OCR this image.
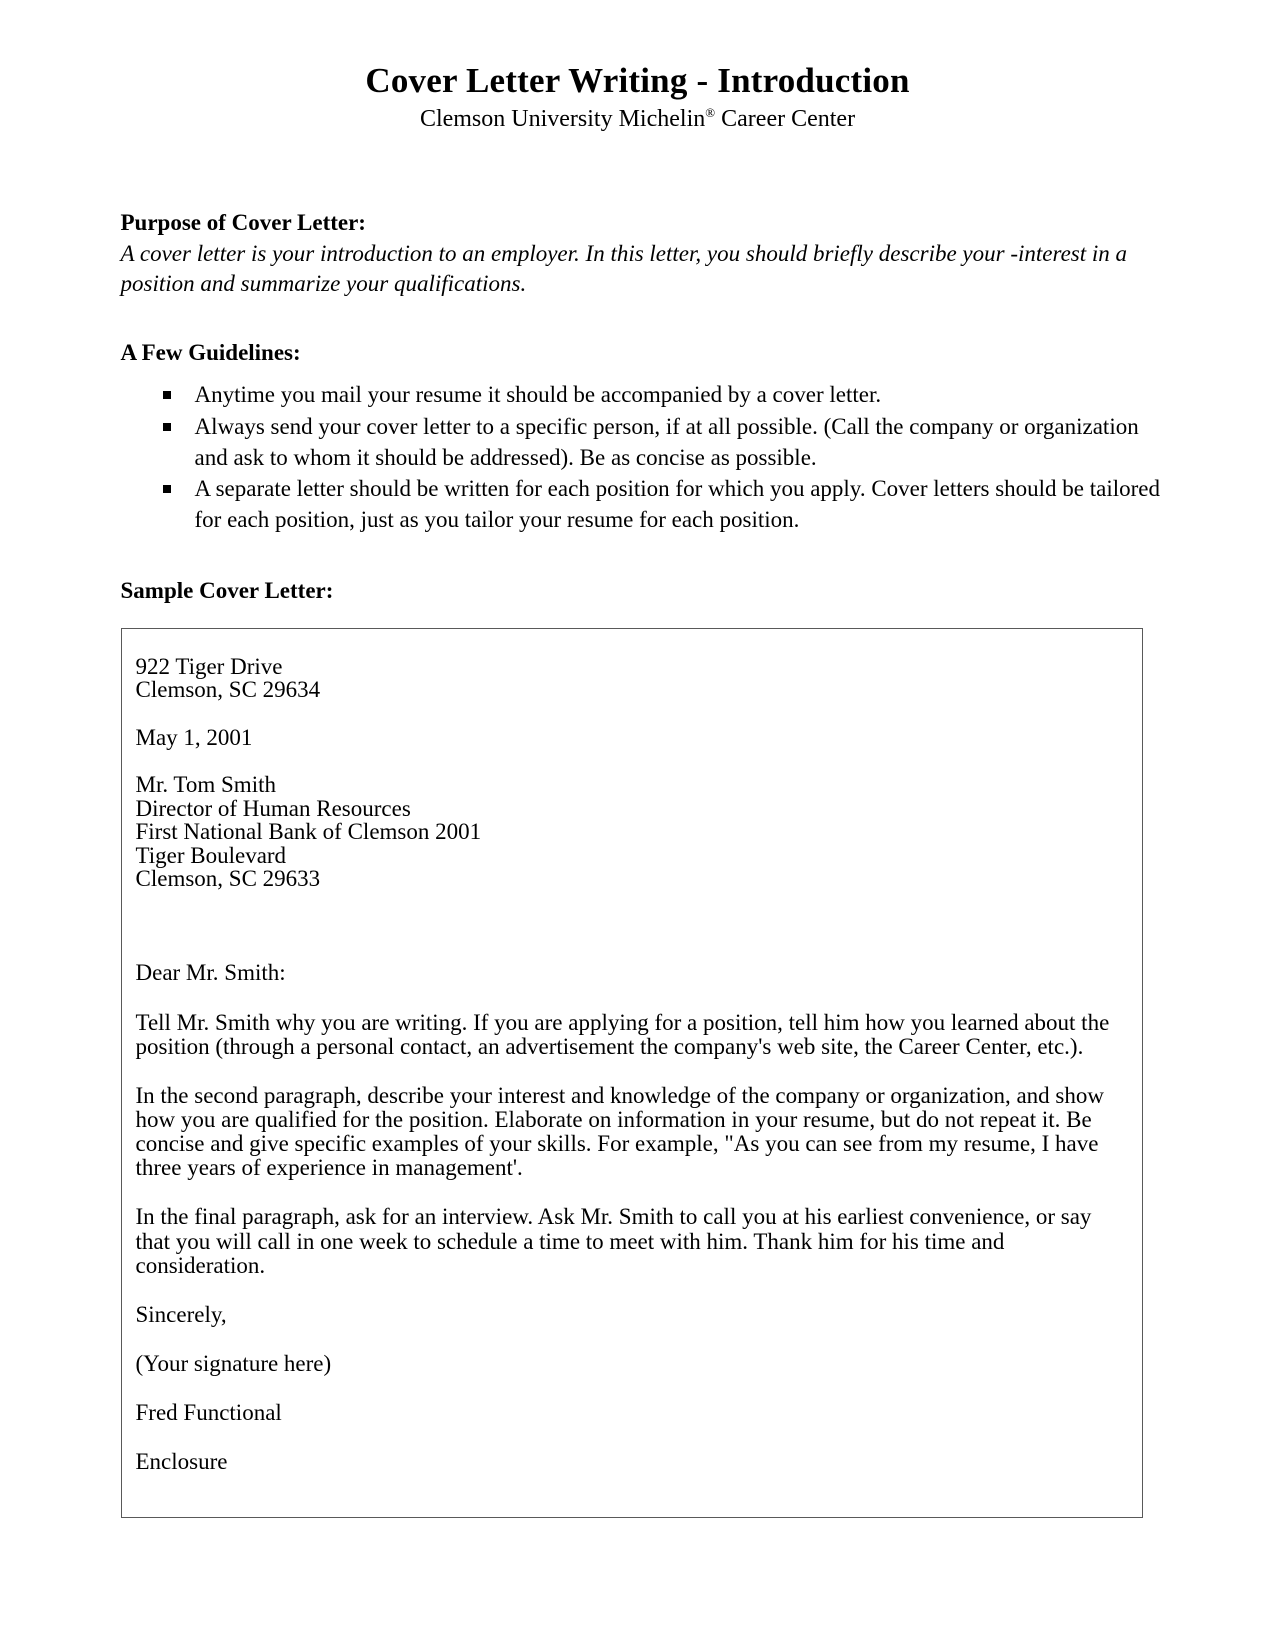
Cover Letter Writing - Introduction
Clemson University Michelin® Career Center
Purpose of Cover Letter:
A cover letter is your introduction to an employer. In this letter, you should briefly describe your -interest in a position and summarize your qualifications.
A Few Guidelines:
Anytime you mail your resume it should be accompanied by a cover letter.
Always send your cover letter to a specific person, if at all possible. (Call the company or organization and ask to whom it should be addressed). Be as concise as possible.
A separate letter should be written for each position for which you apply. Cover letters should be tailored for each position, just as you tailor your resume for each position.
Sample Cover Letter:
922 Tiger Drive
Clemson, SC 29634
May 1, 2001
Mr. Tom Smith
Director of Human Resources
First National Bank of Clemson 2001
Tiger Boulevard
Clemson, SC 29633
Dear Mr. Smith:
Tell Mr. Smith why you are writing. If you are applying for a position, tell him how you learned about the position (through a personal contact, an advertisement the company's web site, the Career Center, etc.).
In the second paragraph, describe your interest and knowledge of the company or organization, and show how you are qualified for the position. Elaborate on information in your resume, but do not repeat it. Be concise and give specific examples of your skills. For example, "As you can see from my resume, I have three years of experience in management'.
In the final paragraph, ask for an interview. Ask Mr. Smith to call you at his earliest convenience, or say that you will call in one week to schedule a time to meet with him. Thank him for his time and consideration.
Sincerely,
(Your signature here)
Fred Functional
Enclosure
